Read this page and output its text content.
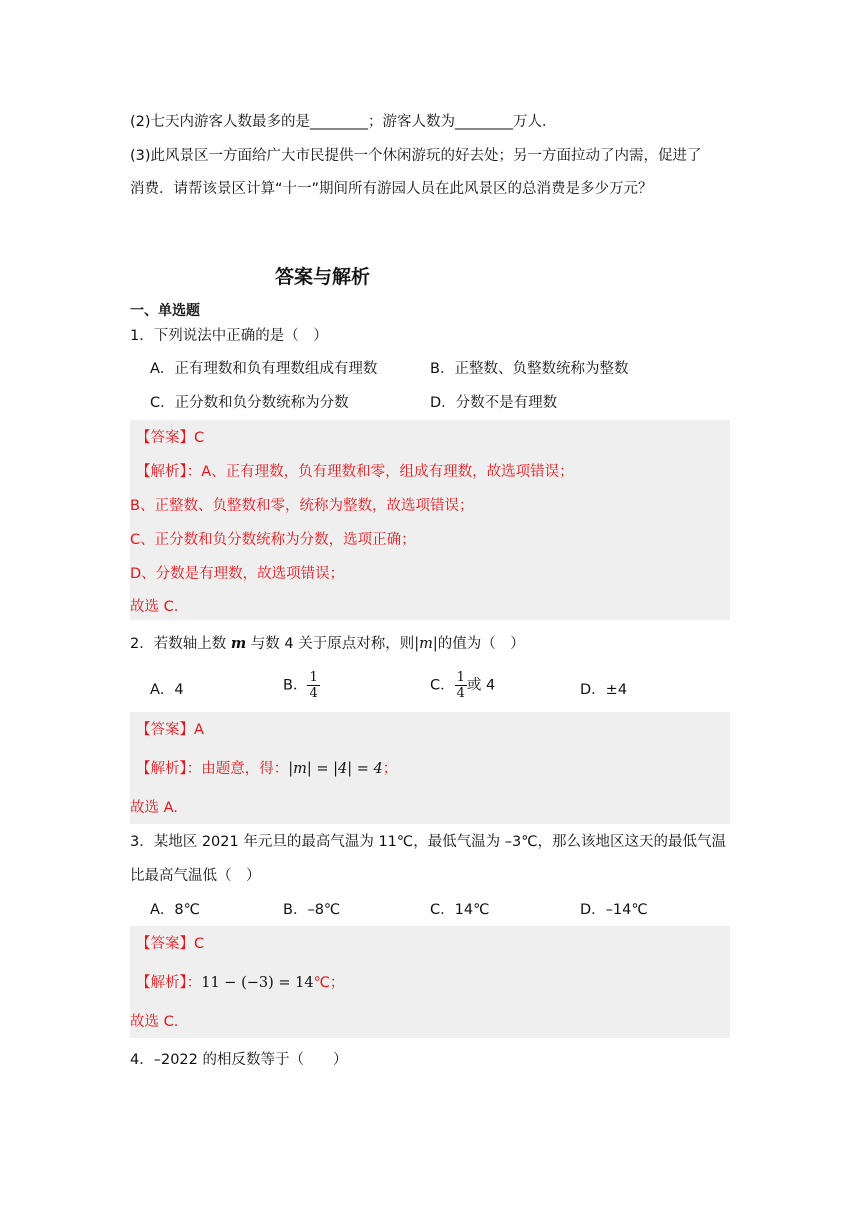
(2)七天内游客人数最多的是________；游客人数为________万人．
(3)此风景区一方面给广大市民提供一个休闲游玩的好去处；另一方面拉动了内需，促进了
消费．请帮该景区计算“十一”期间所有游园人员在此风景区的总消费是多少万元？
答案与解析
一、单选题
1．下列说法中正确的是（　）
A．正有理数和负有理数组成有理数	B．正整数、负整数统称为整数
C．正分数和负分数统称为分数	D．分数不是有理数
【答案】C
【解析】：A、正有理数，负有理数和零，组成有理数，故选项错误；
B、正整数、负整数和零，统称为整数，故选项错误；
C、正分数和负分数统称为分数，选项正确；
D、分数是有理数，故选项错误；
故选 C.
2．若数轴上数 m 与数 4 关于原点对称，则|m|的值为（　）
A．4	B． $\frac{1}{4}$	C． $\frac{1}{4}$ 或 4	D．±4
【答案】A
【解析】：由题意，得：|m| = |4| = 4；
故选 A.
3．某地区 2021 年元旦的最高气温为 11℃，最低气温为 –3℃，那么该地区这天的最低气温
比最高气温低（　）
A．8℃	B．–8℃	C．14℃	D．–14℃
【答案】C
【解析】：11 − (−3) = 14℃；
故选 C.
4．–2022 的相反数等于（　　）
